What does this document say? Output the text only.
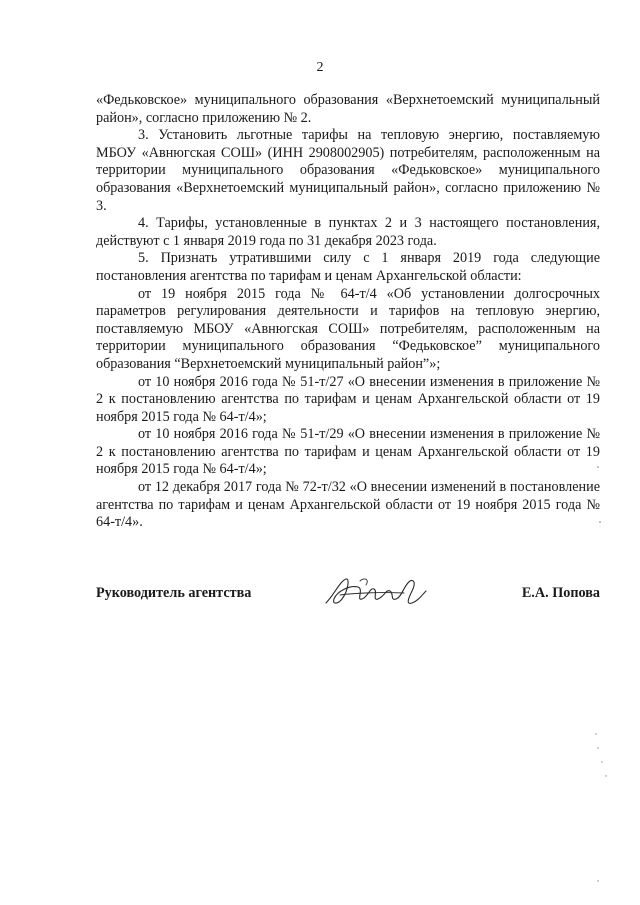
2

«Федьковское» муниципального образования «Верхнетоемский муниципальный район», согласно приложению № 2.

3. Установить льготные тарифы на тепловую энергию, поставляемую МБОУ «Авнюгская СОШ» (ИНН 2908002905) потребителям, расположенным на территории муниципального образования «Федьковское» муниципального образования «Верхнетоемский муниципальный район», согласно приложению № 3.

4. Тарифы, установленные в пунктах 2 и 3 настоящего постановления, действуют с 1 января 2019 года по 31 декабря 2023 года.

5. Признать утратившими силу с 1 января 2019 года следующие постановления агентства по тарифам и ценам Архангельской области:

от 19 ноября 2015 года № 64-т/4 «Об установлении долгосрочных параметров регулирования деятельности и тарифов на тепловую энергию, поставляемую МБОУ «Авнюгская СОШ» потребителям, расположенным на территории муниципального образования “Федьковское” муниципального образования “Верхнетоемский муниципальный район”»;

от 10 ноября 2016 года № 51-т/27 «О внесении изменения в приложение № 2 к постановлению агентства по тарифам и ценам Архангельской области от 19 ноября 2015 года № 64-т/4»;

от 10 ноября 2016 года № 51-т/29 «О внесении изменения в приложение № 2 к постановлению агентства по тарифам и ценам Архангельской области от 19 ноября 2015 года № 64-т/4»;

от 12 декабря 2017 года № 72-т/32 «О внесении изменений в постановление агентства по тарифам и ценам Архангельской области от 19 ноября 2015 года № 64-т/4».

Руководитель агентства	Е.А. Попова
